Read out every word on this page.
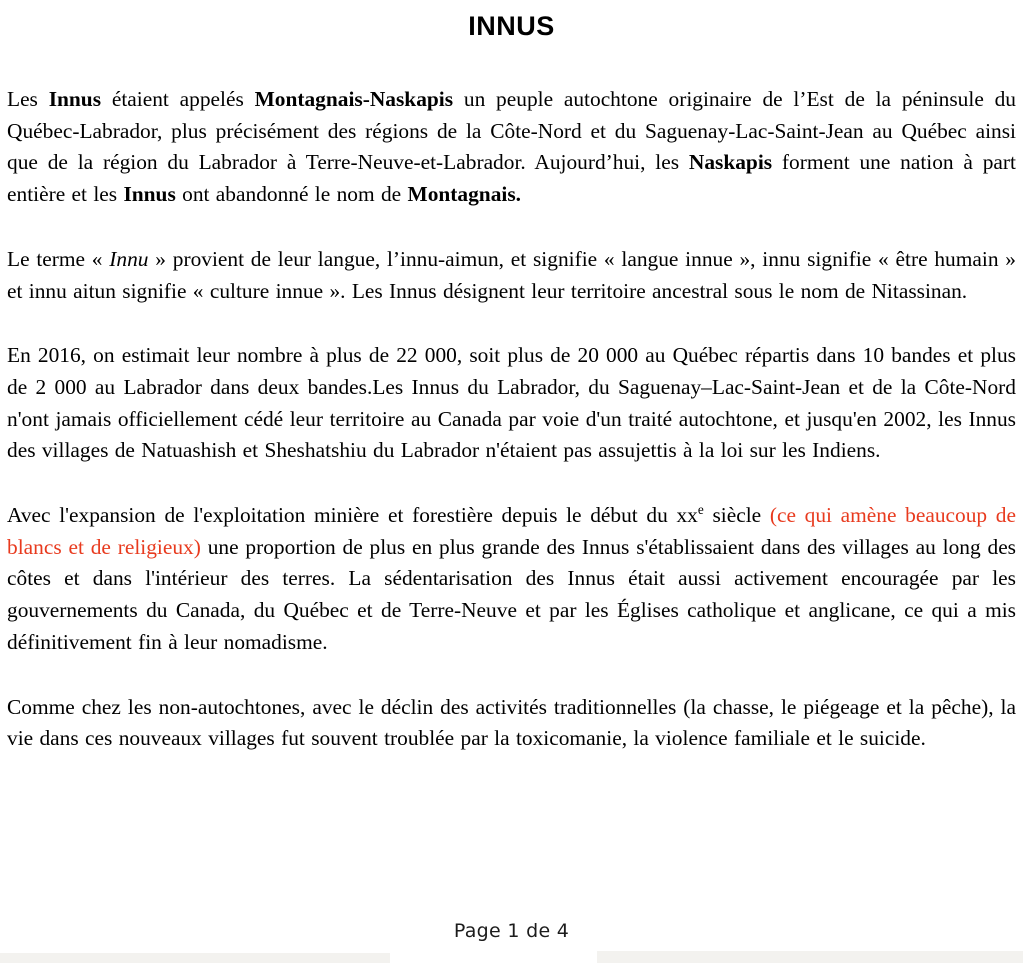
INNUS

Les Innus étaient appelés Montagnais-Naskapis un peuple autochtone originaire de l’Est de la péninsule du Québec-Labrador, plus précisément des régions de la Côte-Nord et du Saguenay-Lac-Saint-Jean au Québec ainsi que de la région du Labrador à Terre-Neuve-et-Labrador. Aujourd’hui, les Naskapis forment une nation à part entière et les Innus ont abandonné le nom de Montagnais.

Le terme « Innu » provient de leur langue, l’innu-aimun, et signifie « langue innue », innu signifie « être humain » et innu aitun signifie « culture innue ». Les Innus désignent leur territoire ancestral sous le nom de Nitassinan.

En 2016, on estimait leur nombre à plus de 22 000, soit plus de 20 000 au Québec répartis dans 10 bandes et plus de 2 000 au Labrador dans deux bandes.Les Innus du Labrador, du Saguenay–Lac-Saint-Jean et de la Côte-Nord n'ont jamais officiellement cédé leur territoire au Canada par voie d'un traité autochtone, et jusqu'en 2002, les Innus des villages de Natuashish et Sheshatshiu du Labrador n'étaient pas assujettis à la loi sur les Indiens.

Avec l'expansion de l'exploitation minière et forestière depuis le début du $xx^e$ siècle (ce qui amène beaucoup de blancs et de religieux) une proportion de plus en plus grande des Innus s'établissaient dans des villages au long des côtes et dans l'intérieur des terres. La sédentarisation des Innus était aussi activement encouragée par les gouvernements du Canada, du Québec et de Terre-Neuve et par les Églises catholique et anglicane, ce qui a mis définitivement fin à leur nomadisme.

Comme chez les non-autochtones, avec le déclin des activités traditionnelles (la chasse, le piégeage et la pêche), la vie dans ces nouveaux villages fut souvent troublée par la toxicomanie, la violence familiale et le suicide.

Page 1 de 4
